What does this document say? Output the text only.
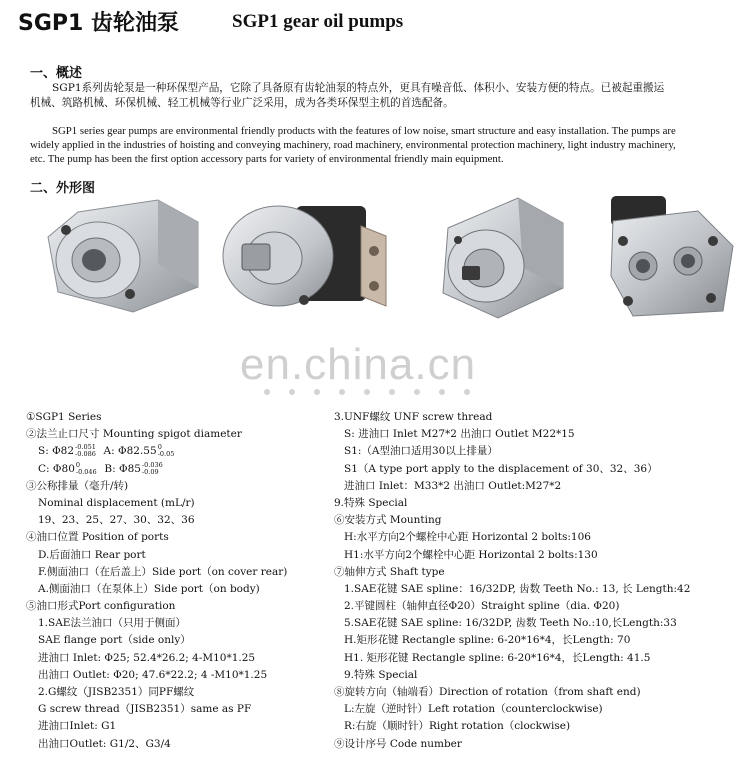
SGP1 齿轮油泵	SGP1 gear oil pumps
一、概述
SGP1系列齿轮泵是一种环保型产品，它除了具备原有齿轮油泵的特点外，更具有噪音低、体积小、安装方便的特点。已被起重搬运
机械、筑路机械、环保机械、轻工机械等行业广泛采用，成为各类环保型主机的首选配备。
SGP1 series gear pumps are environmental friendly products with the features of low noise, smart structure and easy installation. The pumps are
widely applied in the industries of hoisting and conveying machinery, road machinery, environmental protection machinery, light industry machinery,
etc. The pump has been the first option accessory parts for variety of environmental friendly main equipment.
二、外形图
en.china.cn
①SGP1 Series
②法兰止口尺寸 Mounting spigot diameter
S: Φ82 -0.051
-0.086 A: Φ82.55 0
-0.05
C: Φ80 0
-0.046 B: Φ85 -0.036
-0.09
③公称排量（毫升/转)
Nominal displacement (mL/r)
19、23、25、27、30、32、36
④油口位置 Position of ports
D.后面油口 Rear port
F.侧面油口（在后盖上）Side port（on cover rear)
A.侧面油口（在泵体上）Side port（on body)
⑤油口形式Port configuration
1.SAE法兰油口（只用于侧面）
SAE flange port（side only）
进油口 Inlet: Φ25; 52.4*26.2; 4-M10*1.25
出油口 Outlet: Φ20; 47.6*22.2; 4 -M10*1.25
2.G螺纹（JISB2351）同PF螺纹
G screw thread（JISB2351）same as PF
进油口Inlet: G1
出油口Outlet: G1/2、G3/4
3.UNF螺纹 UNF screw thread
S: 进油口 Inlet M27*2 出油口 Outlet M22*15
S1:（A型油口适用30以上排量）
S1（A type port apply to the displacement of 30、32、36）
进油口 Inlet：M33*2 出油口 Outlet:M27*2
9.特殊 Special
⑥安装方式 Mounting
H:水平方向2个螺栓中心距 Horizontal 2 bolts:106
H1:水平方向2个螺栓中心距 Horizontal 2 bolts:130
⑦轴伸方式 Shaft type
1.SAE花键 SAE spline：16/32DP, 齿数 Teeth No.: 13, 长 Length:42
2.平键圆柱（轴伸直径Φ20）Straight spline（dia. Φ20)
5.SAE花键 SAE spline: 16/32DP, 齿数 Teeth No.:10,长Length:33
H.矩形花键 Rectangle spline: 6-20*16*4，长Length: 70
H1. 矩形花键 Rectangle spline: 6-20*16*4，长Length: 41.5
9.特殊 Special
⑧旋转方向（轴端看）Direction of rotation（from shaft end)
L:左旋（逆时针）Left rotation（counterclockwise)
R:右旋（顺时针）Right rotation（clockwise)
⑨设计序号 Code number
